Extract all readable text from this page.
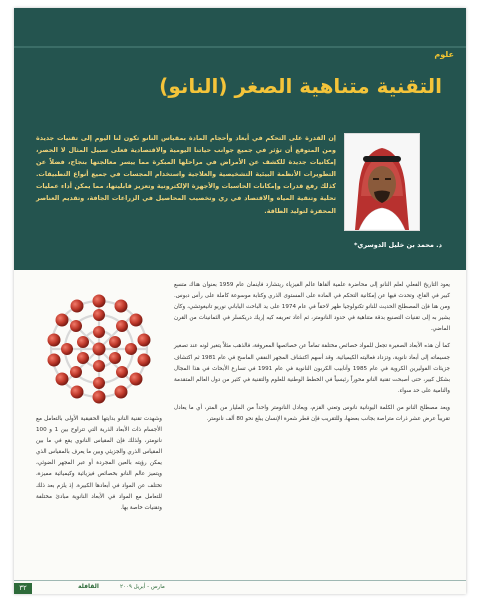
علوم
التقنية متناهية الصغر (النانو)
إن القدرة على التحكم في أبعاد وأحجام المادة بمقياس النانو تكون لنا اليوم إلى تقنيات جديدة ومن المتوقع أن تؤثر في جميع جوانب حياتنا اليومية والاقتصادية فعلى سبيل المثال لا الحصر، إمكانيات جديدة للكشف عن الأمراض في مراحلها المبكرة مما ييسر معالجتها بنجاح، فضلاً عن التطويرات الأنظمة البيئية التشخيصية والعلاجية واستخدام المجسات في جميع أنواع التطبيقات. كذلك رفع قدرات وإمكانات الحاسبات والأجهزة الإلكترونية وتعزيز قابليتها، مما يمكن أداء عمليات تحلية وتنقية المياه والاقتصاد في ري وتخصيب المحاصيل في الزراعات الجافة، وتقديم العناصر المحفزة لتوليد الطاقة.
د. محمد بن خليل الدوسري*
وشهدت تقنية النانو بدايتها الحقيقية الأولى بالتعامل مع الأجسام ذات الأبعاد الذرية التي تتراوح بين 1 و 100 نانومتر، ولذلك فإن المقياس النانوي يقع في ما بين المقياس الذري والجزيئي وبين ما يعرف بالمقياس الذي يمكن رؤيته بالعين المجردة أو عبر المجهر الضوئي، ويتميز عالم النانو بخصائص فيزيائية وكيميائية مميزة، تختلف عن المواد في أبعادها الكبيرة. إذ يلزم بعد ذلك للتعامل مع المواد في الأبعاد النانوية مبادئ مختلفة وتقنيات خاصة بها.

يعود التاريخ الفعلي لعلم النانو إلى محاضرة علمية ألقاها عالم الفيزياء ريتشارد فاينمان عام 1959 بعنوان هناك متسع كبير في القاع، وتحدث فيها عن إمكانية التحكم في المادة على المستوى الذري وكتابة موسوعة كاملة على رأس دبوس. ومن هنا فإن المصطلح الحديث للنانو تكنولوجيا ظهر لاحقاً في عام 1974 على يد الباحث الياباني نوريو تانيغوتشي، وكان يشير به إلى تقنيات التصنيع بدقة متناهية في حدود النانومتر، ثم أعاد تعريفه كيه إريك دريكسلر في الثمانينات من القرن الماضي.

كما أن هذه الأبعاد الصغيرة تجعل للمواد خصائص مختلفة تماماً عن خصائصها المعروفة، فالذهب مثلاً يتغير لونه عند تصغير جسيماته إلى أبعاد نانوية، وتزداد فعاليته الكيميائية. وقد أسهم اكتشاف المجهر النفقي الماسح في عام 1981 ثم اكتشاف جزيئات الفوليرين الكروية في عام 1985 وأنابيب الكربون النانوية في عام 1991 في تسارع الأبحاث في هذا المجال بشكل كبير، حتى أصبحت تقنية النانو محوراً رئيسياً في الخطط الوطنية للعلوم والتقنية في كثير من دول العالم المتقدمة والنامية على حد سواء.

ويعد مصطلح النانو من الكلمة اليونانية نانوس وتعني القزم، ويعادل النانومتر واحداً من المليار من المتر، أي ما يعادل تقريباً عرض عشر ذرات متراصة بجانب بعضها، وللتقريب فإن قطر شعرة الإنسان يبلغ نحو 80 ألف نانومتر.

٣٢	مارس - أبريل ٢٠٠٩
القافلة
